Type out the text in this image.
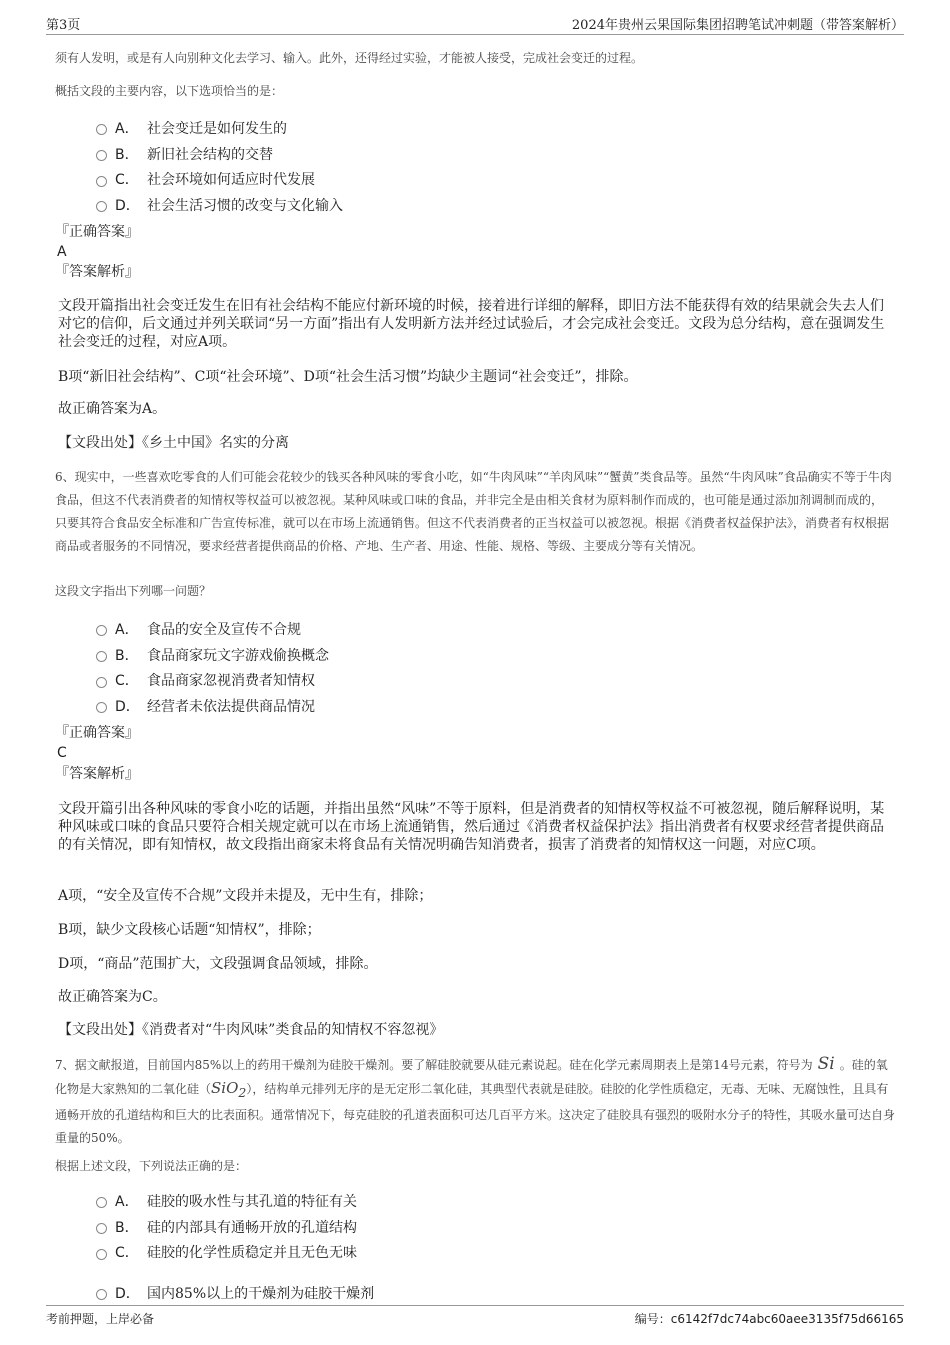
第3页	2024年贵州云果国际集团招聘笔试冲刺题（带答案解析）
须有人发明，或是有人向别种文化去学习、输入。此外，还得经过实验，才能被人接受，完成社会变迁的过程。
概括文段的主要内容，以下选项恰当的是：
A． 社会变迁是如何发生的
B． 新旧社会结构的交替
C． 社会环境如何适应时代发展
D． 社会生活习惯的改变与文化输入
『正确答案』
A
『答案解析』
文段开篇指出社会变迁发生在旧有社会结构不能应付新环境的时候，接着进行详细的解释，即旧方法不能获得有效的结果就会失去人们对它的信仰，后文通过并列关联词“另一方面”指出有人发明新方法并经过试验后，才会完成社会变迁。文段为总分结构，意在强调发生社会变迁的过程，对应A项。
B项“新旧社会结构”、C项“社会环境”、D项“社会生活习惯”均缺少主题词“社会变迁”，排除。
故正确答案为A。
【文段出处】《乡土中国》名实的分离
6、现实中，一些喜欢吃零食的人们可能会花较少的钱买各种风味的零食小吃，如“牛肉风味”“羊肉风味”“蟹黄”类食品等。虽然“牛肉风味”食品确实不等于牛肉食品，但这不代表消费者的知情权等权益可以被忽视。某种风味或口味的食品，并非完全是由相关食材为原料制作而成的，也可能是通过添加剂调制而成的，只要其符合食品安全标准和广告宣传标准，就可以在市场上流通销售。但这不代表消费者的正当权益可以被忽视。根据《消费者权益保护法》，消费者有权根据商品或者服务的不同情况，要求经营者提供商品的价格、产地、生产者、用途、性能、规格、等级、主要成分等有关情况。
这段文字指出下列哪一问题？
A． 食品的安全及宣传不合规
B． 食品商家玩文字游戏偷换概念
C． 食品商家忽视消费者知情权
D． 经营者未依法提供商品情况
『正确答案』
C
『答案解析』
文段开篇引出各种风味的零食小吃的话题，并指出虽然“风味”不等于原料，但是消费者的知情权等权益不可被忽视，随后解释说明，某种风味或口味的食品只要符合相关规定就可以在市场上流通销售，然后通过《消费者权益保护法》指出消费者有权要求经营者提供商品的有关情况，即有知情权，故文段指出商家未将食品有关情况明确告知消费者，损害了消费者的知情权这一问题，对应C项。
A项，“安全及宣传不合规”文段并未提及，无中生有，排除；
B项，缺少文段核心话题“知情权”，排除；
D项，“商品”范围扩大，文段强调食品领域，排除。
故正确答案为C。
【文段出处】《消费者对“牛肉风味”类食品的知情权不容忽视》
7、据文献报道，目前国内85%以上的药用干燥剂为硅胶干燥剂。要了解硅胶就要从硅元素说起。硅在化学元素周期表上是第14号元素，符号为 Si 。硅的氧化物是大家熟知的二氧化硅（SiO$_2$），结构单元排列无序的是无定形二氧化硅，其典型代表就是硅胶。硅胶的化学性质稳定，无毒、无味、无腐蚀性，且具有通畅开放的孔道结构和巨大的比表面积。通常情况下，每克硅胶的孔道表面积可达几百平方米。这决定了硅胶具有强烈的吸附水分子的特性，其吸水量可达自身重量的50%。
根据上述文段，下列说法正确的是：
A． 硅胶的吸水性与其孔道的特征有关
B． 硅的内部具有通畅开放的孔道结构
C． 硅胶的化学性质稳定并且无色无味
D． 国内85%以上的干燥剂为硅胶干燥剂
考前押题，上岸必备	编号：c6142f7dc74abc60aee3135f75d66165
